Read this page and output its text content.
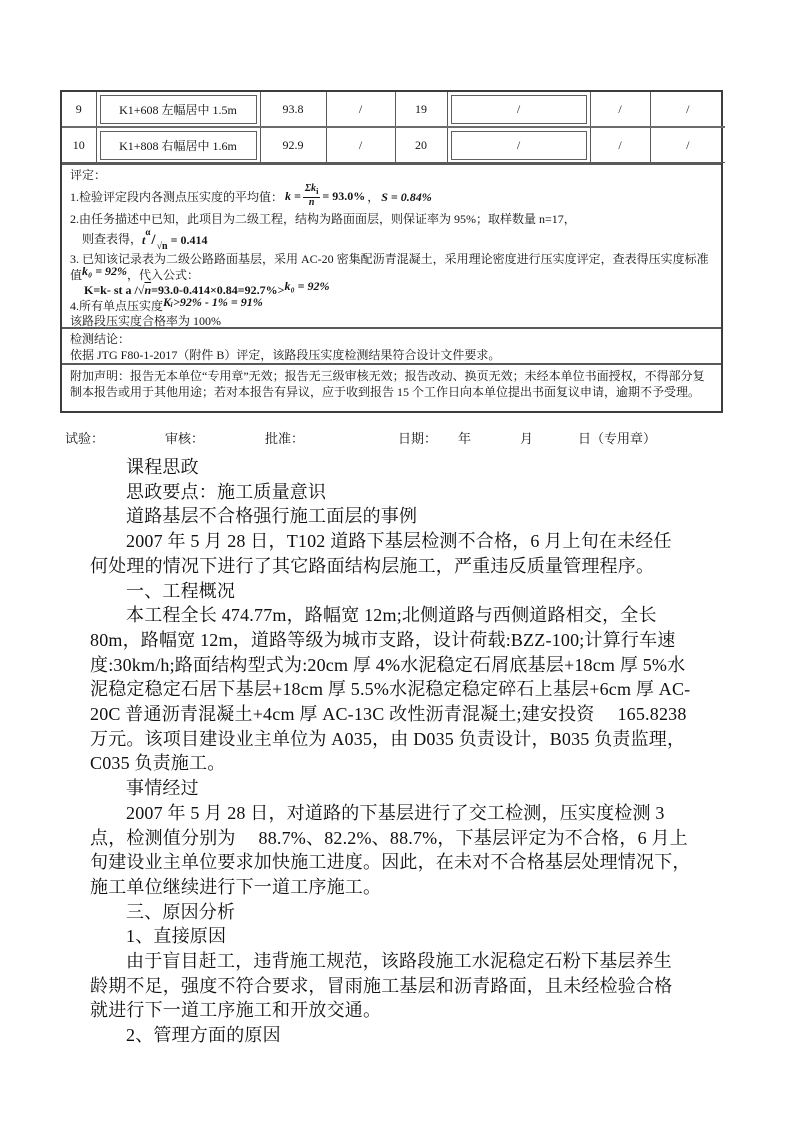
9	K1+608 左幅居中 1.5m	93.8	/	19	/	/	/
10	K1+808 右幅居中 1.6m	92.9	/	20	/	/	/
评定：
1.检验评定段内各测点压实度的平均值： $k = \frac{\Sigma k_i}{n} = 93.0\%$ ， S = 0.84%
2.由任务描述中已知，此项目为二级工程，结构为路面面层，则保证率为 95%；取样数量 n=17，
则查表得， $t^\alpha/_{√n} = 0.414$
3. 已知该记录表为二级公路路面基层，采用 AC-20 密集配沥青混凝土，采用理论密度进行压实度评定，查表得压实度标准值k₀ = 92%，代入公式：
K=k- st a /√n=93.0-0.414×0.84=92.7%>k₀ = 92%
4.所有单点压实度Kᵢ>92% - 1% = 91%
该路段压实度合格率为 100%
检测结论：
依据 JTG F80-1-2017（附件 B）评定，该路段压实度检测结果符合设计文件要求。
附加声明：报告无本单位“专用章”无效；报告无三级审核无效；报告改动、换页无效；未经本单位书面授权，不得部分复制本报告或用于其他用途；若对本报告有异议，应于收到报告 15 个工作日向本单位提出书面复议申请，逾期不予受理。
试验：	审核：	批准：	日期： 年	月	日（专用章）
课程思政
思政要点：施工质量意识
道路基层不合格强行施工面层的事例
2007 年 5 月 28 日，T102 道路下基层检测不合格，6 月上旬在未经任
何处理的情况下进行了其它路面结构层施工，严重违反质量管理程序。
一、工程概况
本工程全长 474.77m，路幅宽 12m;北侧道路与西侧道路相交，全长
80m，路幅宽 12m，道路等级为城市支路，设计荷载:BZZ-100;计算行车速
度:30km/h;路面结构型式为:20cm 厚 4%水泥稳定石屑底基层+18cm 厚 5%水
泥稳定稳定石居下基层+18cm 厚 5.5%水泥稳定稳定碎石上基层+6cm 厚 AC-
20C 普通沥青混凝土+4cm 厚 AC-13C 改性沥青混凝土;建安投资　 165.8238
万元。该项目建设业主单位为 A035，由 D035 负责设计，B035 负责监理，
C035 负责施工。
事情经过
2007 年 5 月 28 日，对道路的下基层进行了交工检测，压实度检测 3
点，检测值分别为　 88.7%、82.2%、88.7%，下基层评定为不合格，6 月上
旬建设业主单位要求加快施工进度。因此，在未对不合格基层处理情况下，
施工单位继续进行下一道工序施工。
三、原因分析
1、直接原因
由于盲目赶工，违背施工规范，该路段施工水泥稳定石粉下基层养生
龄期不足，强度不符合要求，冒雨施工基层和沥青路面，且未经检验合格
就进行下一道工序施工和开放交通。
2、管理方面的原因
